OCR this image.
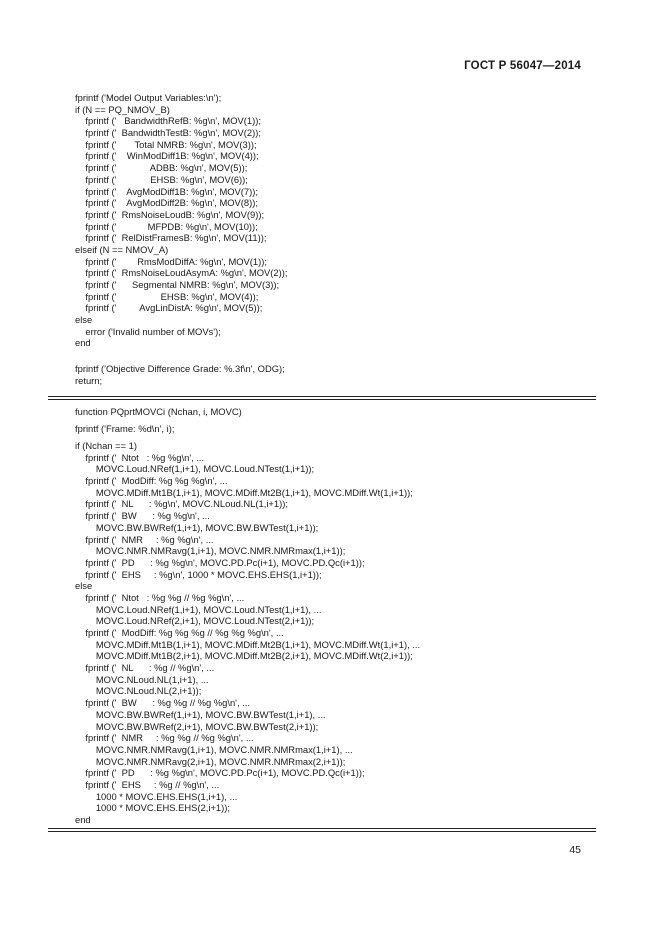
ГОСТ Р 56047—2014
fprintf ('Model Output Variables:\n');
if (N == PQ_NMOV_B)
fprintf ('   BandwidthRefB: %g\n', MOV(1));
fprintf ('  BandwidthTestB: %g\n', MOV(2));
fprintf ('       Total NMRB: %g\n', MOV(3));
fprintf ('    WinModDiff1B: %g\n', MOV(4));
fprintf ('             ADBB: %g\n', MOV(5));
fprintf ('             EHSB: %g\n', MOV(6));
fprintf ('    AvgModDiff1B: %g\n', MOV(7));
fprintf ('    AvgModDiff2B: %g\n', MOV(8));
fprintf ('  RmsNoiseLoudB: %g\n', MOV(9));
fprintf ('            MFPDB: %g\n', MOV(10));
fprintf ('  RelDistFramesB: %g\n', MOV(11));
elseif (N == NMOV_A)
fprintf ('        RmsModDiffA: %g\n', MOV(1));
fprintf ('  RmsNoiseLoudAsymA: %g\n', MOV(2));
fprintf ('      Segmental NMRB: %g\n', MOV(3));
fprintf ('                 EHSB: %g\n', MOV(4));
fprintf ('         AvgLinDistA: %g\n', MOV(5));
else
error ('Invalid number of MOVs');
end
fprintf ('Objective Difference Grade: %.3f\n', ODG);
return;
function PQprtMOVCi (Nchan, i, MOVC)
fprintf ('Frame: %d\n', i);
if (Nchan == 1)
fprintf ('  Ntot   : %g %g\n', ...
MOVC.Loud.NRef(1,i+1), MOVC.Loud.NTest(1,i+1));
fprintf ('  ModDiff: %g %g %g\n', ...
MOVC.MDiff.Mt1B(1,i+1), MOVC.MDiff.Mt2B(1,i+1), MOVC.MDiff.Wt(1,i+1));
fprintf ('  NL      : %g\n', MOVC.NLoud.NL(1,i+1));
fprintf ('  BW      : %g %g\n', ...
MOVC.BW.BWRef(1,i+1), MOVC.BW.BWTest(1,i+1));
fprintf ('  NMR     : %g %g\n', ...
MOVC.NMR.NMRavg(1,i+1), MOVC.NMR.NMRmax(1,i+1));
fprintf ('  PD      : %g %g\n', MOVC.PD.Pc(i+1), MOVC.PD.Qc(i+1));
fprintf ('  EHS     : %g\n', 1000 * MOVC.EHS.EHS(1,i+1));
else
fprintf ('  Ntot   : %g %g // %g %g\n', ...
MOVC.Loud.NRef(1,i+1), MOVC.Loud.NTest(1,i+1), ...
MOVC.Loud.NRef(2,i+1), MOVC.Loud.NTest(2,i+1));
fprintf ('  ModDiff: %g %g %g // %g %g %g\n', ...
MOVC.MDiff.Mt1B(1,i+1), MOVC.MDiff.Mt2B(1,i+1), MOVC.MDiff.Wt(1,i+1), ...
MOVC.MDiff.Mt1B(2,i+1), MOVC.MDiff.Mt2B(2,i+1), MOVC.MDiff.Wt(2,i+1));
fprintf ('  NL      : %g // %g\n', ...
MOVC.NLoud.NL(1,i+1), ...
MOVC.NLoud.NL(2,i+1));
fprintf ('  BW      : %g %g // %g %g\n', ...
MOVC.BW.BWRef(1,i+1), MOVC.BW.BWTest(1,i+1), ...
MOVC.BW.BWRef(2,i+1), MOVC.BW.BWTest(2,i+1));
fprintf ('  NMR     : %g %g // %g %g\n', ...
MOVC.NMR.NMRavg(1,i+1), MOVC.NMR.NMRmax(1,i+1), ...
MOVC.NMR.NMRavg(2,i+1), MOVC.NMR.NMRmax(2,i+1));
fprintf ('  PD      : %g %g\n', MOVC.PD.Pc(i+1), MOVC.PD.Qc(i+1));
fprintf ('  EHS     : %g // %g\n', ...
1000 * MOVC.EHS.EHS(1,i+1), ...
1000 * MOVC.EHS.EHS(2,i+1));
end
45
